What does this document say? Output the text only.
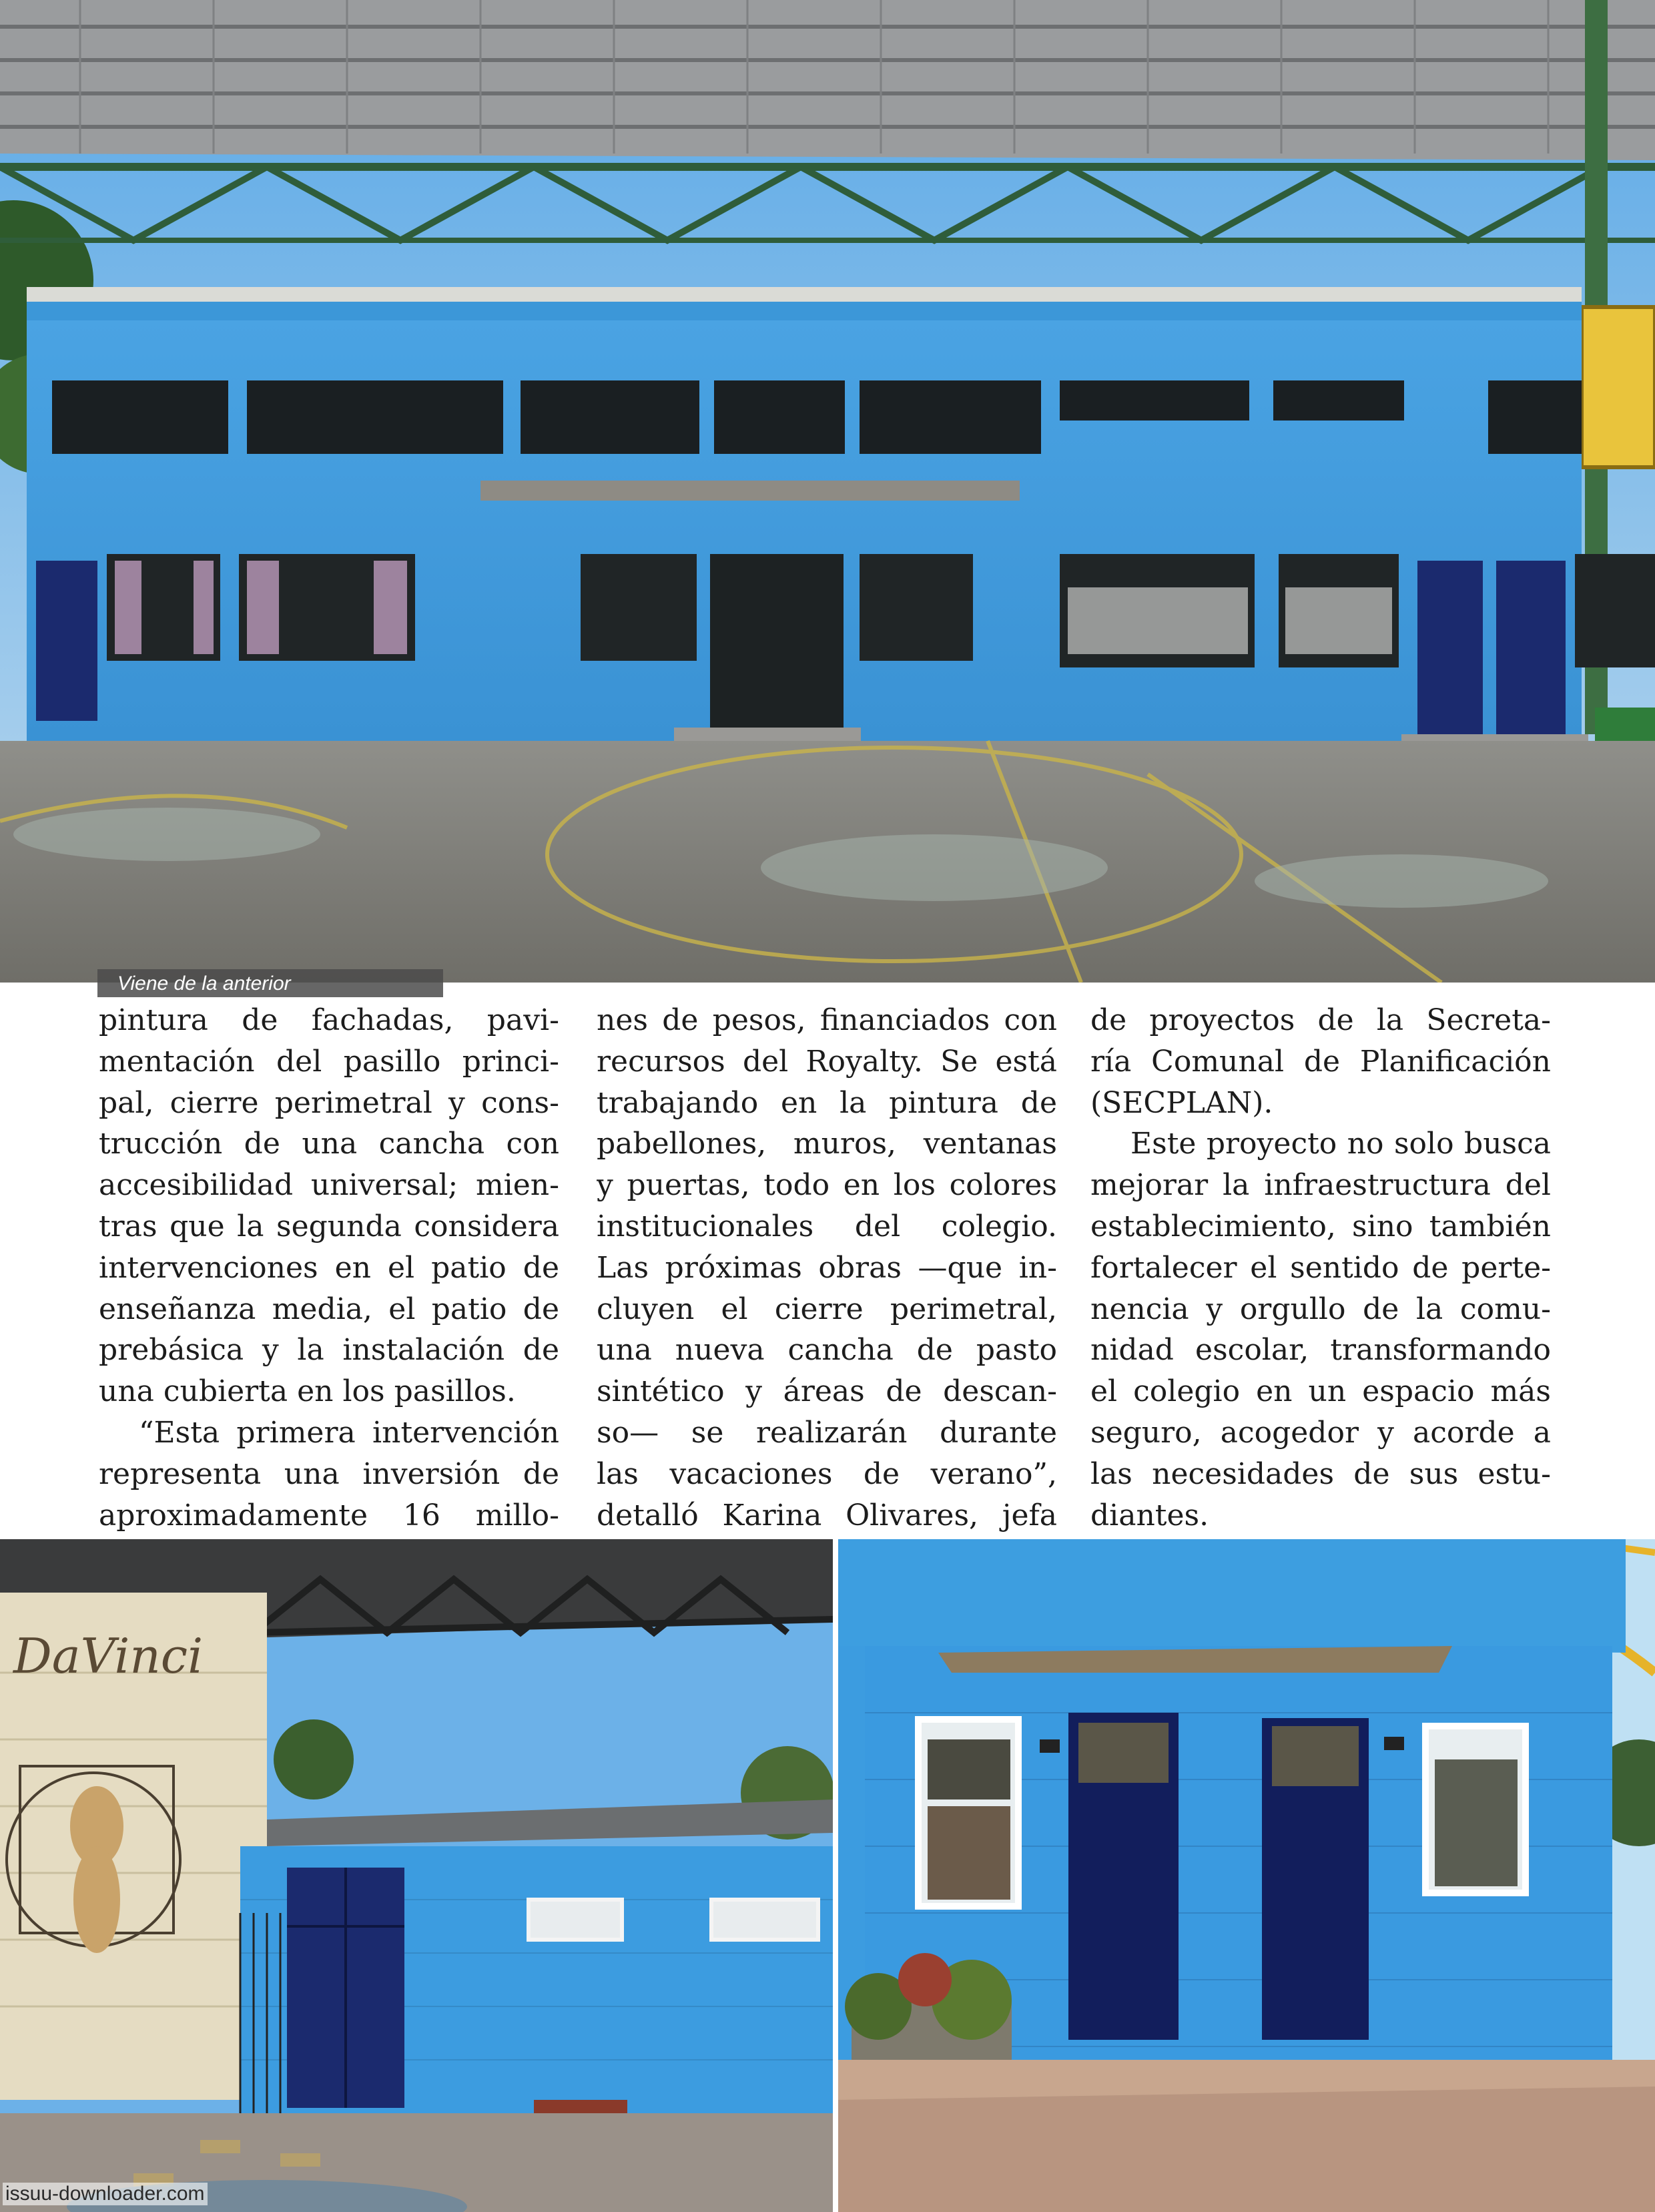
Viene de la anterior
pintura de fachadas, pavi-
mentación del pasillo princi-
pal, cierre perimetral y cons-
trucción de una cancha con
accesibilidad universal; mien-
tras que la segunda considera
intervenciones en el patio de
enseñanza media, el patio de
prebásica y la instalación de
una cubierta en los pasillos.
“Esta primera intervención
representa una inversión de
aproximadamente 16 millo-
nes de pesos, financiados con
recursos del Royalty. Se está
trabajando en la pintura de
pabellones, muros, ventanas
y puertas, todo en los colores
institucionales del colegio.
Las próximas obras —que in-
cluyen el cierre perimetral,
una nueva cancha de pasto
sintético y áreas de descan-
so— se realizarán durante
las vacaciones de verano”,
detalló Karina Olivares, jefa
de proyectos de la Secreta-
ría Comunal de Planificación
(SECPLAN).
Este proyecto no solo busca
mejorar la infraestructura del
establecimiento, sino también
fortalecer el sentido de perte-
nencia y orgullo de la comu-
nidad escolar, transformando
el colegio en un espacio más
seguro, acogedor y acorde a
las necesidades de sus estu-
diantes.
DaVinci
issuu-downloader.com
